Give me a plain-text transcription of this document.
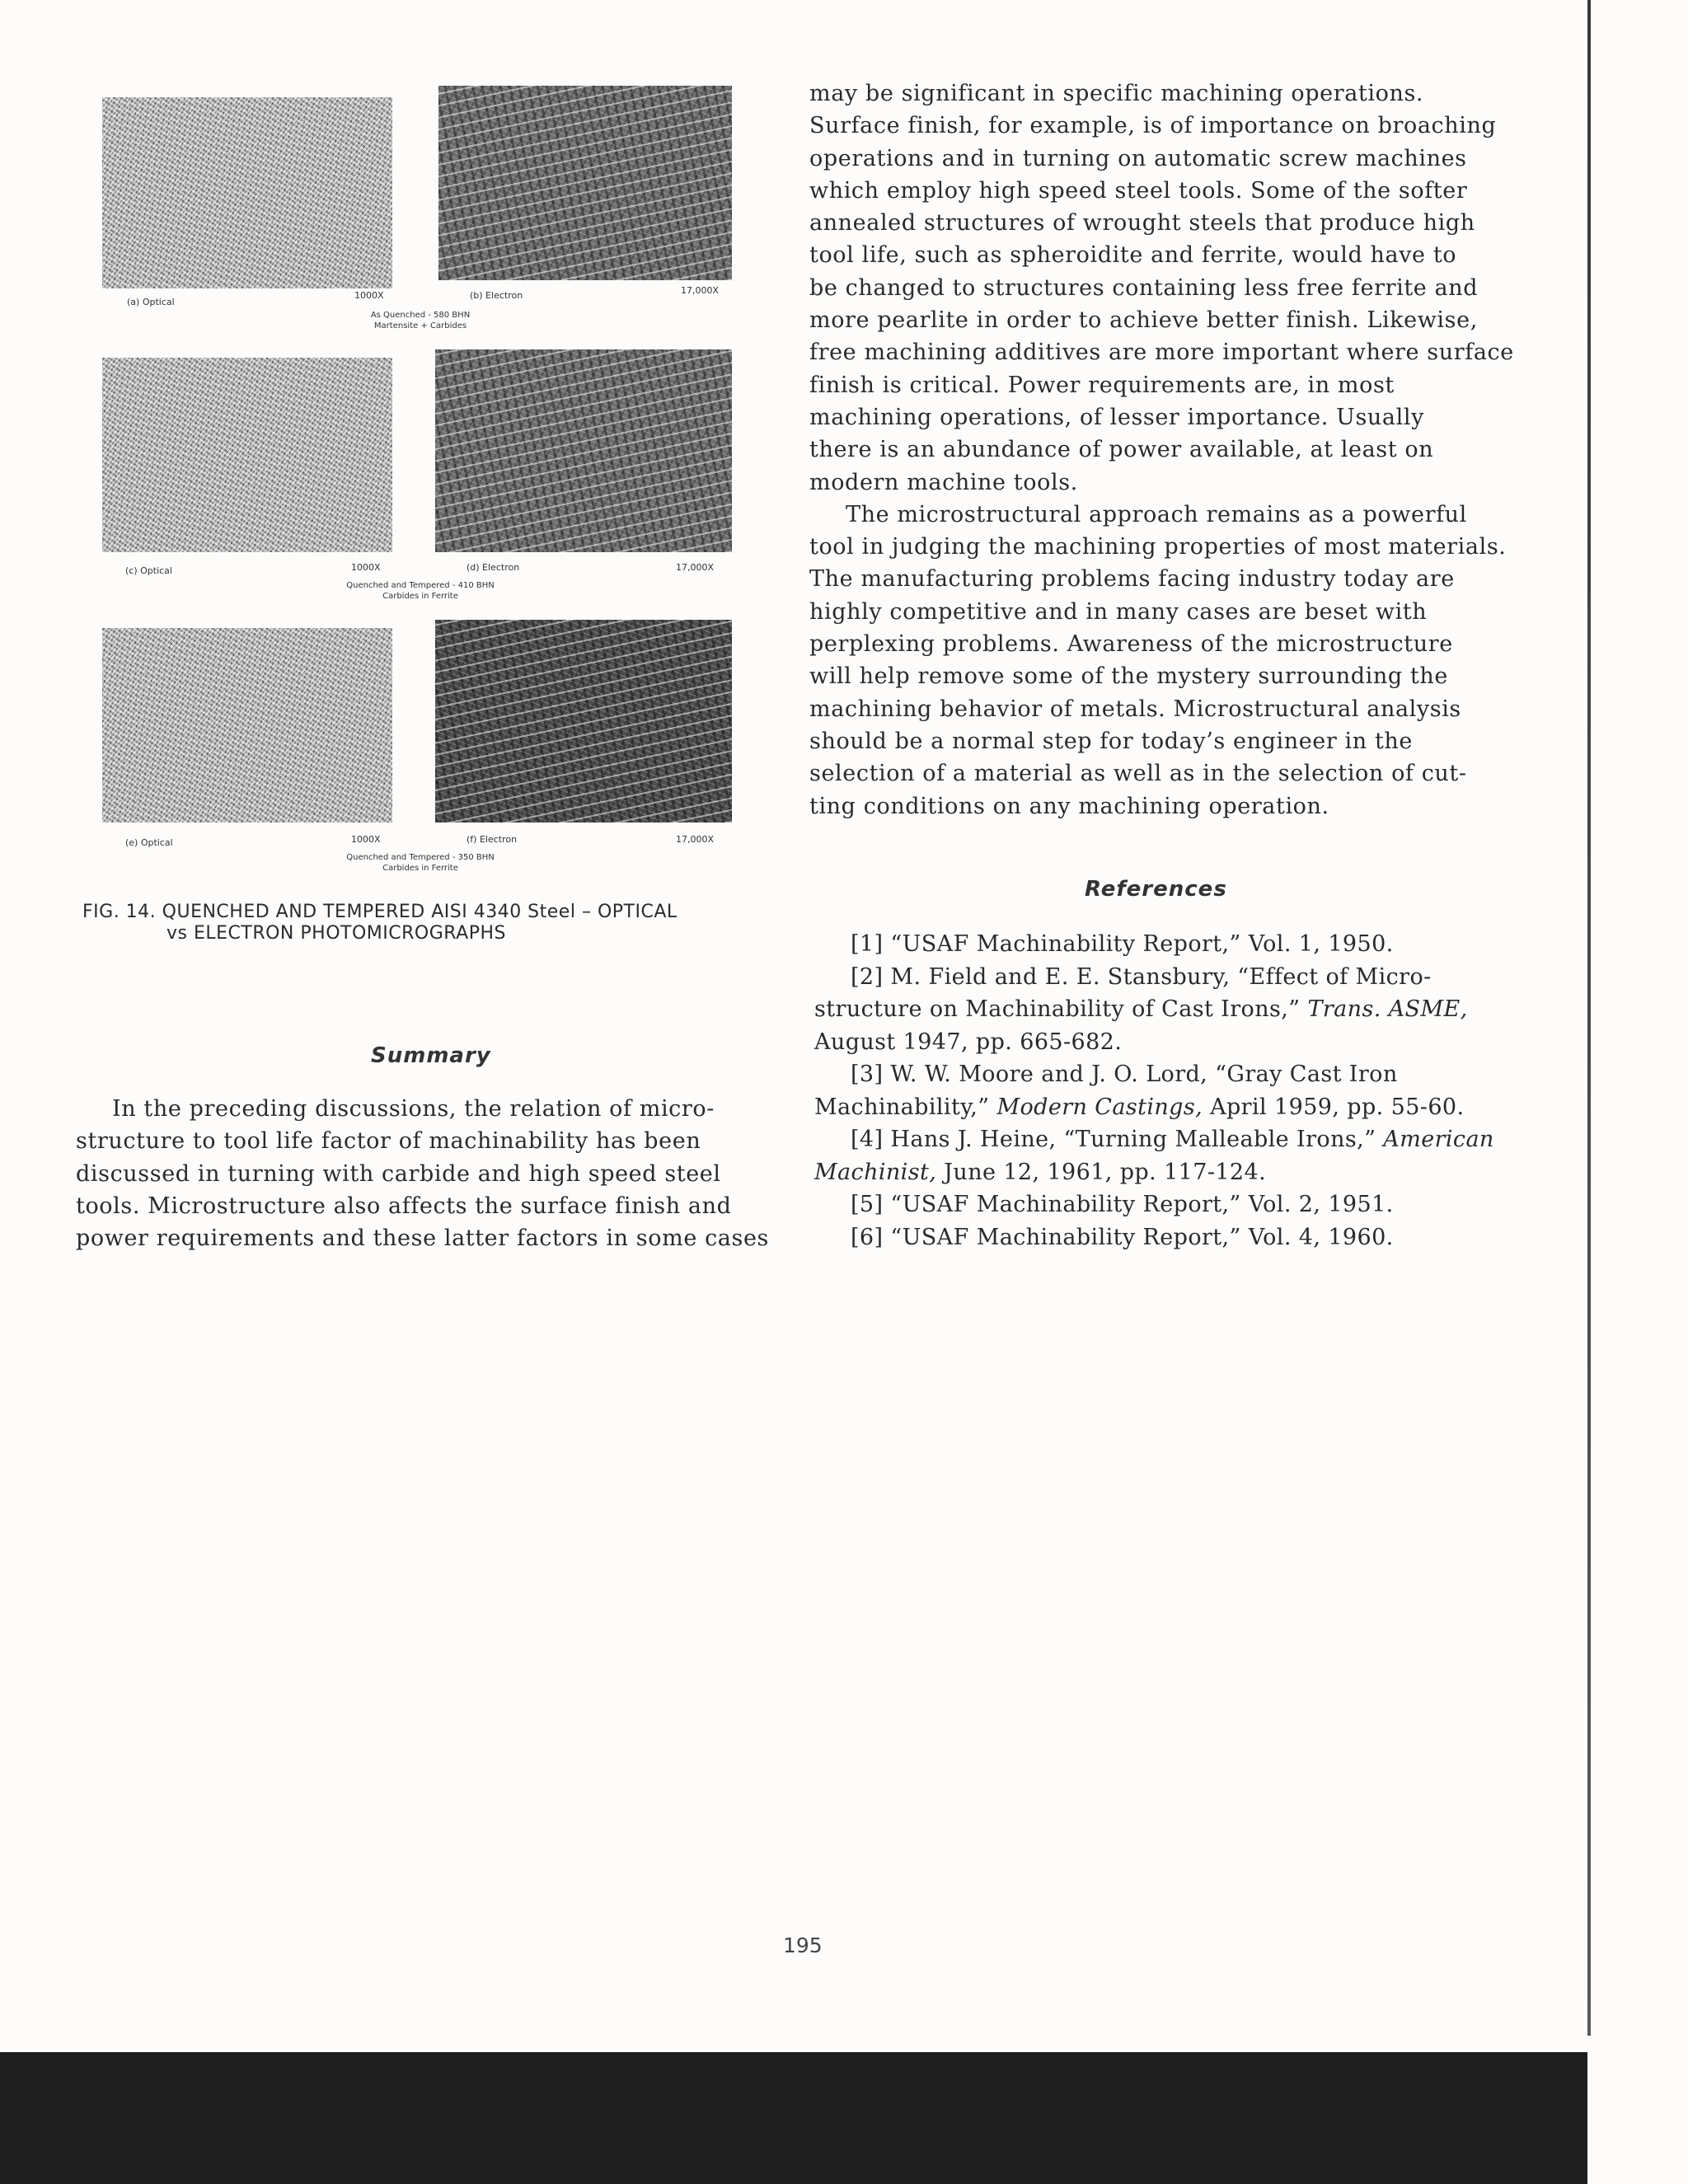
(a) Optical
1000X	(b) Electron	17,000X
As Quenched - 580 BHN
Martensite + Carbides
(c) Optical	1000X	(d) Electron	17,000X
Quenched and Tempered - 410 BHN
Carbides in Ferrite
(e) Optical	1000X	(f) Electron	17,000X
Quenched and Tempered - 350 BHN
Carbides in Ferrite
FIG. 14. QUENCHED AND TEMPERED AISI 4340 Steel – OPTICAL
vs ELECTRON PHOTOMICROGRAPHS
Summary
In the preceding discussions, the relation of micro-
structure to tool life factor of machinability has been
discussed in turning with carbide and high speed steel
tools. Microstructure also affects the surface finish and
power requirements and these latter factors in some cases
may be significant in specific machining operations.
Surface finish, for example, is of importance on broaching
operations and in turning on automatic screw machines
which employ high speed steel tools. Some of the softer
annealed structures of wrought steels that produce high
tool life, such as spheroidite and ferrite, would have to
be changed to structures containing less free ferrite and
more pearlite in order to achieve better finish. Likewise,
free machining additives are more important where surface
finish is critical. Power requirements are, in most
machining operations, of lesser importance. Usually
there is an abundance of power available, at least on
modern machine tools.
The microstructural approach remains as a powerful
tool in judging the machining properties of most materials.
The manufacturing problems facing industry today are
highly competitive and in many cases are beset with
perplexing problems. Awareness of the microstructure
will help remove some of the mystery surrounding the
machining behavior of metals. Microstructural analysis
should be a normal step for today’s engineer in the
selection of a material as well as in the selection of cut-
ting conditions on any machining operation.
References
[1] “USAF Machinability Report,” Vol. 1, 1950.
[2] M. Field and E. E. Stansbury, “Effect of Micro-
structure on Machinability of Cast Irons,” Trans. ASME,
August 1947, pp. 665-682.
[3] W. W. Moore and J. O. Lord, “Gray Cast Iron
Machinability,” Modern Castings, April 1959, pp. 55-60.
[4] Hans J. Heine, “Turning Malleable Irons,” American
Machinist, June 12, 1961, pp. 117-124.
[5] “USAF Machinability Report,” Vol. 2, 1951.
[6] “USAF Machinability Report,” Vol. 4, 1960.
195
